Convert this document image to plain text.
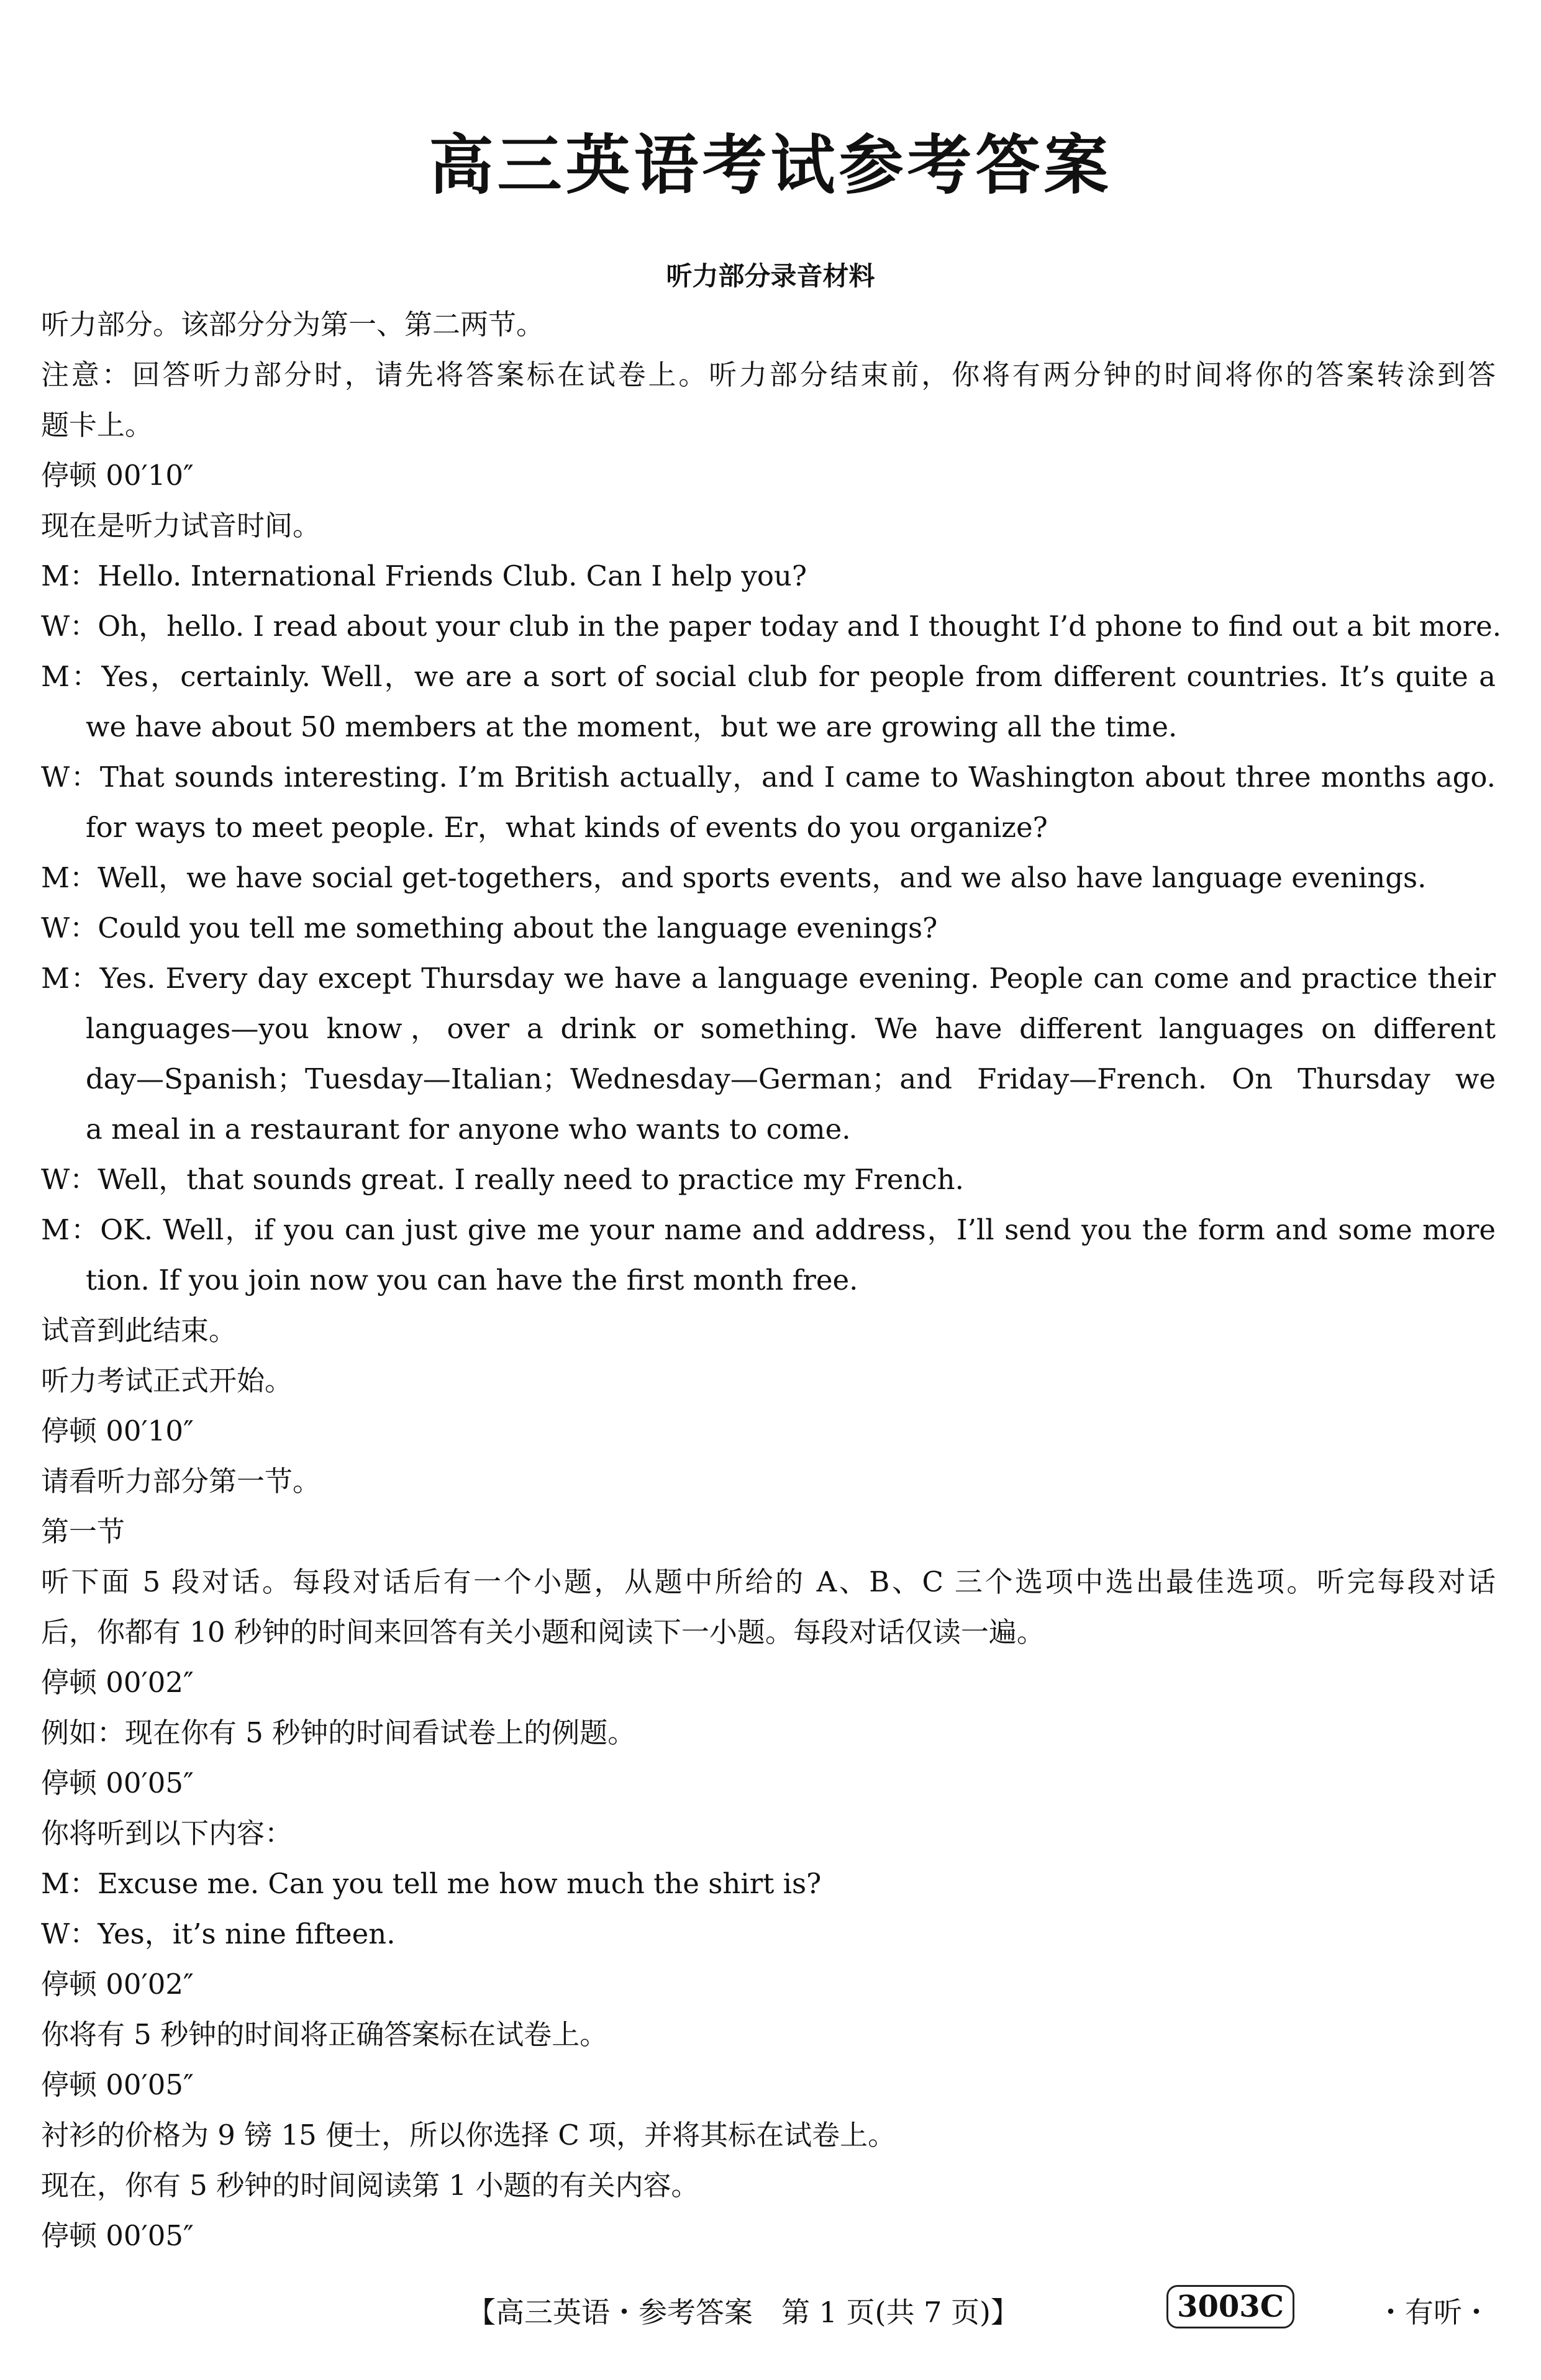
高三英语考试参考答案
听力部分录音材料
听力部分。该部分分为第一、第二两节。
注意：回答听力部分时，请先将答案标在试卷上。听力部分结束前，你将有两分钟的时间将你的答案转涂到答
题卡上。
停顿 00′10″
现在是听力试音时间。
M：Hello. International Friends Club. Can I help you?
W：Oh，hello. I read about your club in the paper today and I thought I’d phone to find out a bit more.
M：Yes，certainly. Well，we are a sort of social club for people from different countries. It’s quite a
we have about 50 members at the moment，but we are growing all the time.
W：That sounds interesting. I’m British actually，and I came to Washington about three months ago.
for ways to meet people. Er，what kinds of events do you organize?
M：Well，we have social get-togethers，and sports events，and we also have language evenings.
W：Could you tell me something about the language evenings?
M：Yes. Every day except Thursday we have a language evening. People can come and practice their
languages—you know，over a drink or something. We have different languages on different
day—Spanish；Tuesday—Italian；Wednesday—German；and Friday—French. On Thursday we
a meal in a restaurant for anyone who wants to come.
W：Well，that sounds great. I really need to practice my French.
M：OK. Well，if you can just give me your name and address，I’ll send you the form and some more
tion. If you join now you can have the first month free.
试音到此结束。
听力考试正式开始。
停顿 00′10″
请看听力部分第一节。
第一节
听下面 5 段对话。每段对话后有一个小题，从题中所给的 A、B、C 三个选项中选出最佳选项。听完每段对话
后，你都有 10 秒钟的时间来回答有关小题和阅读下一小题。每段对话仅读一遍。
停顿 00′02″
例如：现在你有 5 秒钟的时间看试卷上的例题。
停顿 00′05″
你将听到以下内容：
M：Excuse me. Can you tell me how much the shirt is?
W：Yes，it’s nine fifteen.
停顿 00′02″
你将有 5 秒钟的时间将正确答案标在试卷上。
停顿 00′05″
衬衫的价格为 9 镑 15 便士，所以你选择 C 项，并将其标在试卷上。
现在，你有 5 秒钟的时间阅读第 1 小题的有关内容。
停顿 00′05″
【高三英语・参考答案　第 1 页(共 7 页)】	3003C	・有听・
